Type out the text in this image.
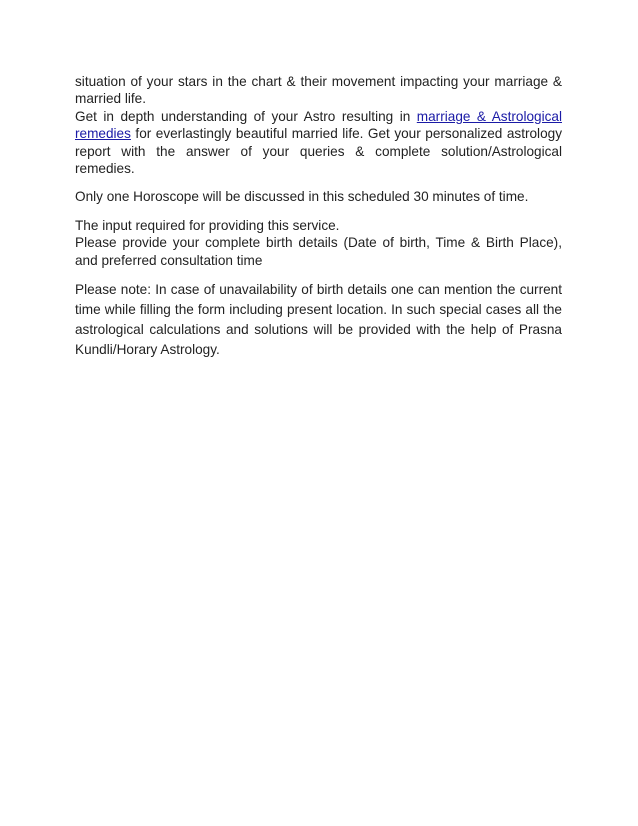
situation of your stars in the chart & their movement impacting your marriage & married life.

Get in depth understanding of your Astro resulting in marriage & Astrological remedies for everlastingly beautiful married life. Get your personalized astrology report with the answer of your queries & complete solution/Astrological remedies.

Only one Horoscope will be discussed in this scheduled 30 minutes of time.

The input required for providing this service.

Please provide your complete birth details (Date of birth, Time & Birth Place), and preferred consultation time

Please note: In case of unavailability of birth details one can mention the current time while filling the form including present location. In such special cases all the astrological calculations and solutions will be provided with the help of Prasna Kundli/Horary Astrology.
